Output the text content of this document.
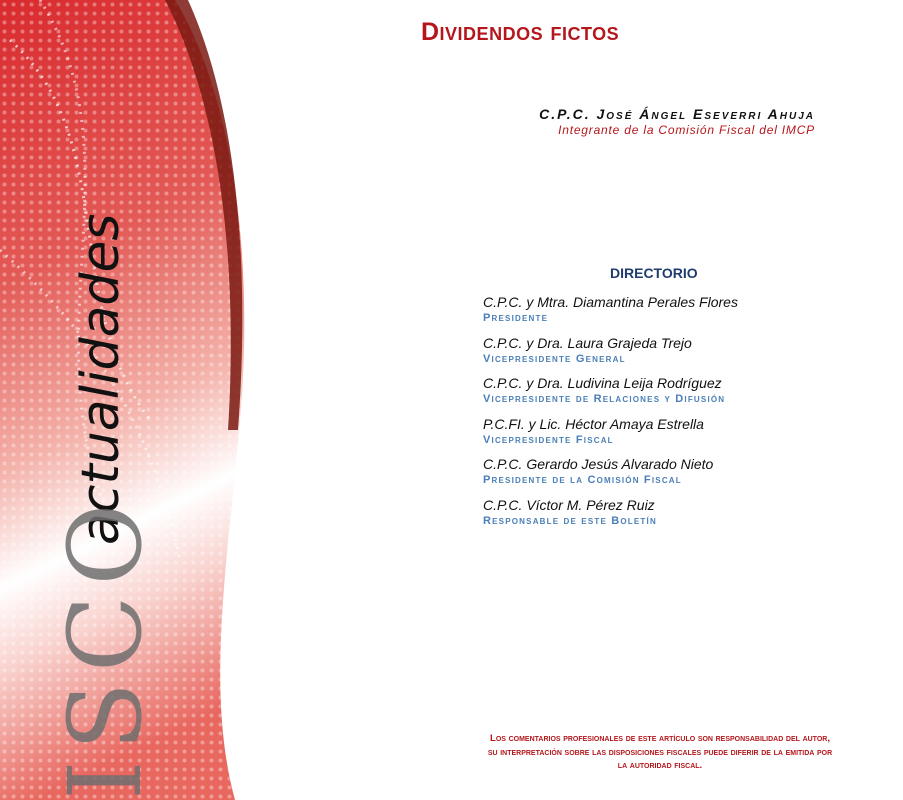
actualidades
ISCO
Dividendos fictos
C.P.C. José Ángel Eseverri Ahuja
Integrante de la Comisión Fiscal del IMCP
DIRECTORIO
C.P.C. y Mtra. Diamantina Perales Flores
Presidente
C.P.C. y Dra. Laura Grajeda Trejo
Vicepresidente General
C.P.C. y Dra. Ludivina Leija Rodríguez
Vicepresidente de Relaciones y Difusión
P.C.FI. y Lic. Héctor Amaya Estrella
Vicepresidente Fiscal
C.P.C. Gerardo Jesús Alvarado Nieto
Presidente de la Comisión Fiscal
C.P.C. Víctor M. Pérez Ruiz
Responsable de este Boletín
Los comentarios profesionales de este artículo son responsabilidad del autor, su interpretación sobre las disposiciones fiscales puede diferir de la emitida por la autoridad fiscal.
